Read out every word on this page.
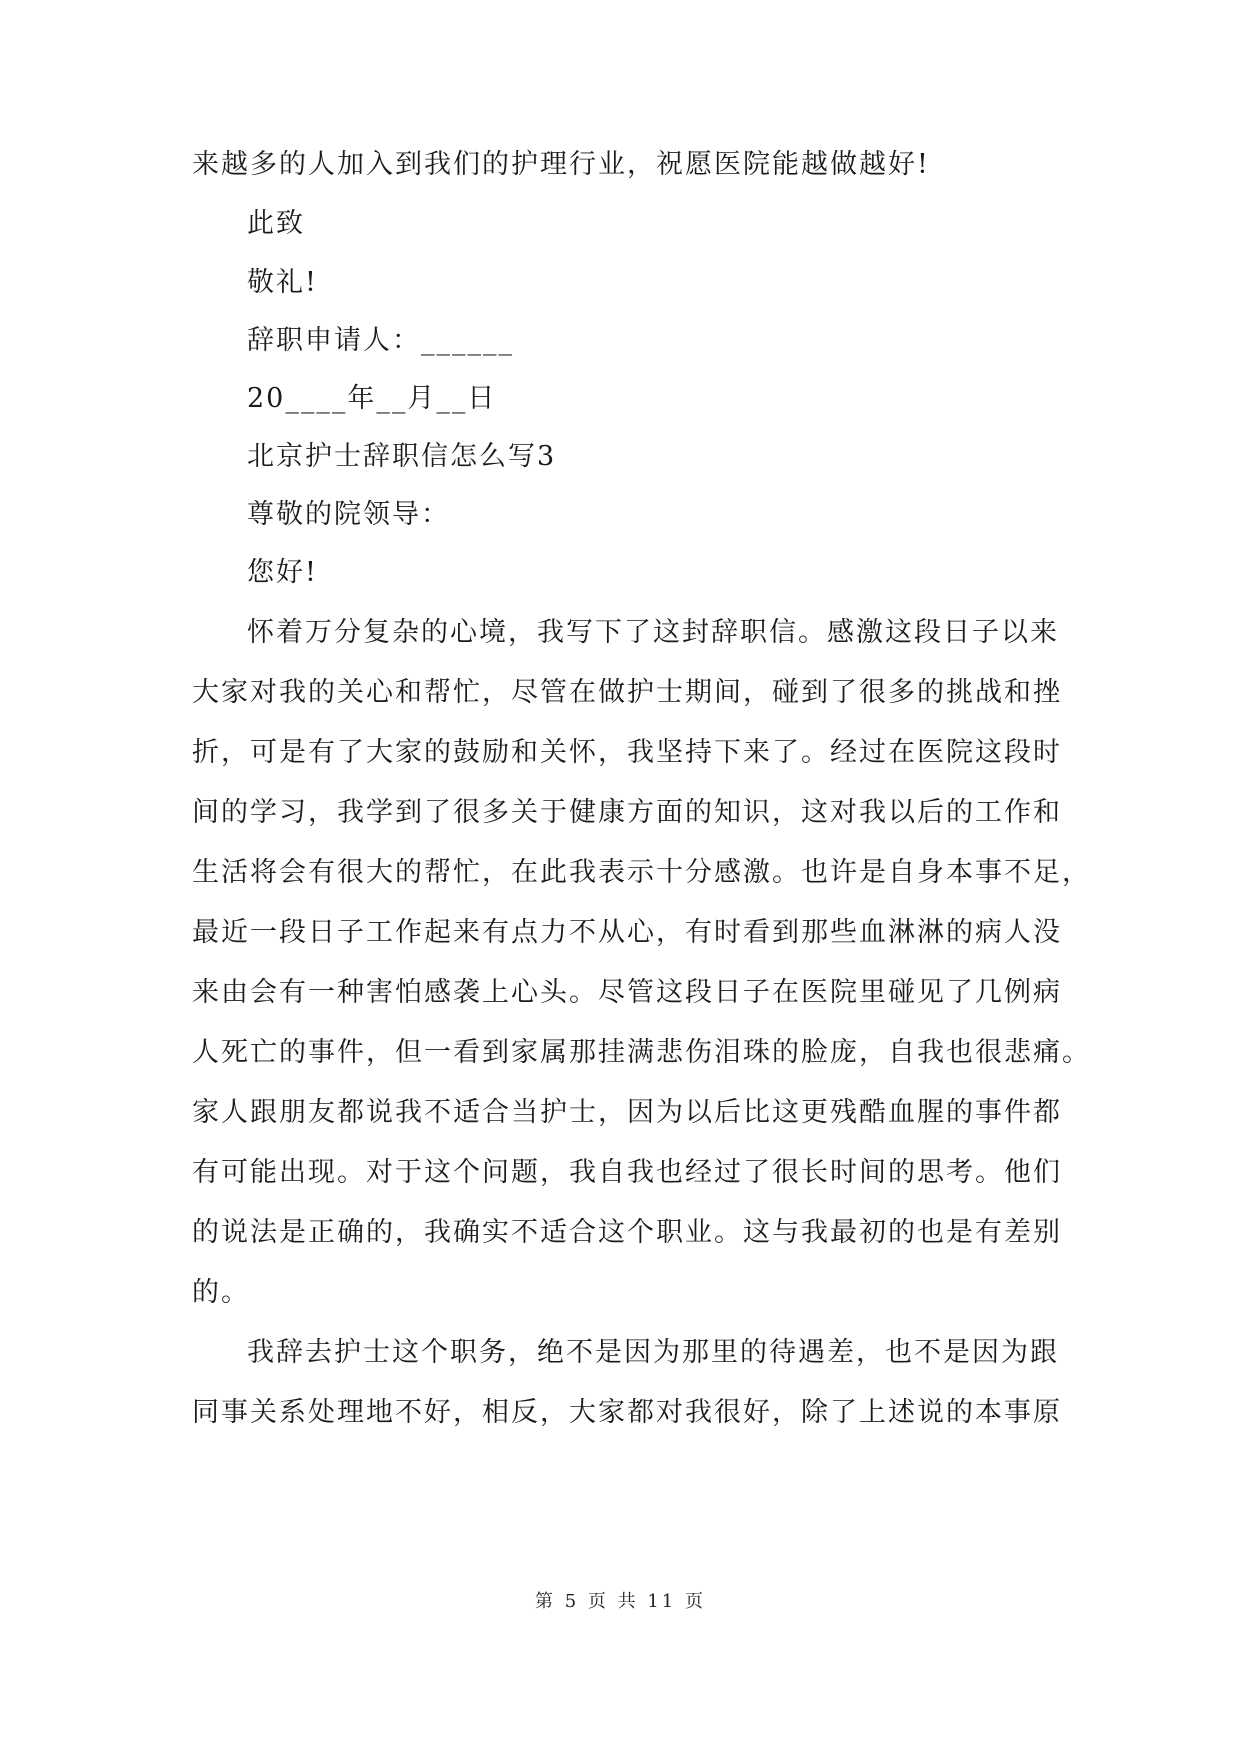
来越多的人加入到我们的护理行业，祝愿医院能越做越好!
此致
敬礼!
辞职申请人：______
20____年__月__日
北京护士辞职信怎么写3
尊敬的院领导：
您好!
怀着万分复杂的心境，我写下了这封辞职信。感激这段日子以来
大家对我的关心和帮忙，尽管在做护士期间，碰到了很多的挑战和挫
折，可是有了大家的鼓励和关怀，我坚持下来了。经过在医院这段时
间的学习，我学到了很多关于健康方面的知识，这对我以后的工作和
生活将会有很大的帮忙，在此我表示十分感激。也许是自身本事不足，
最近一段日子工作起来有点力不从心，有时看到那些血淋淋的病人没
来由会有一种害怕感袭上心头。尽管这段日子在医院里碰见了几例病
人死亡的事件，但一看到家属那挂满悲伤泪珠的脸庞，自我也很悲痛。
家人跟朋友都说我不适合当护士，因为以后比这更残酷血腥的事件都
有可能出现。对于这个问题，我自我也经过了很长时间的思考。他们
的说法是正确的，我确实不适合这个职业。这与我最初的也是有差别
的。
我辞去护士这个职务，绝不是因为那里的待遇差，也不是因为跟
同事关系处理地不好，相反，大家都对我很好，除了上述说的本事原
第 5 页 共 11 页
